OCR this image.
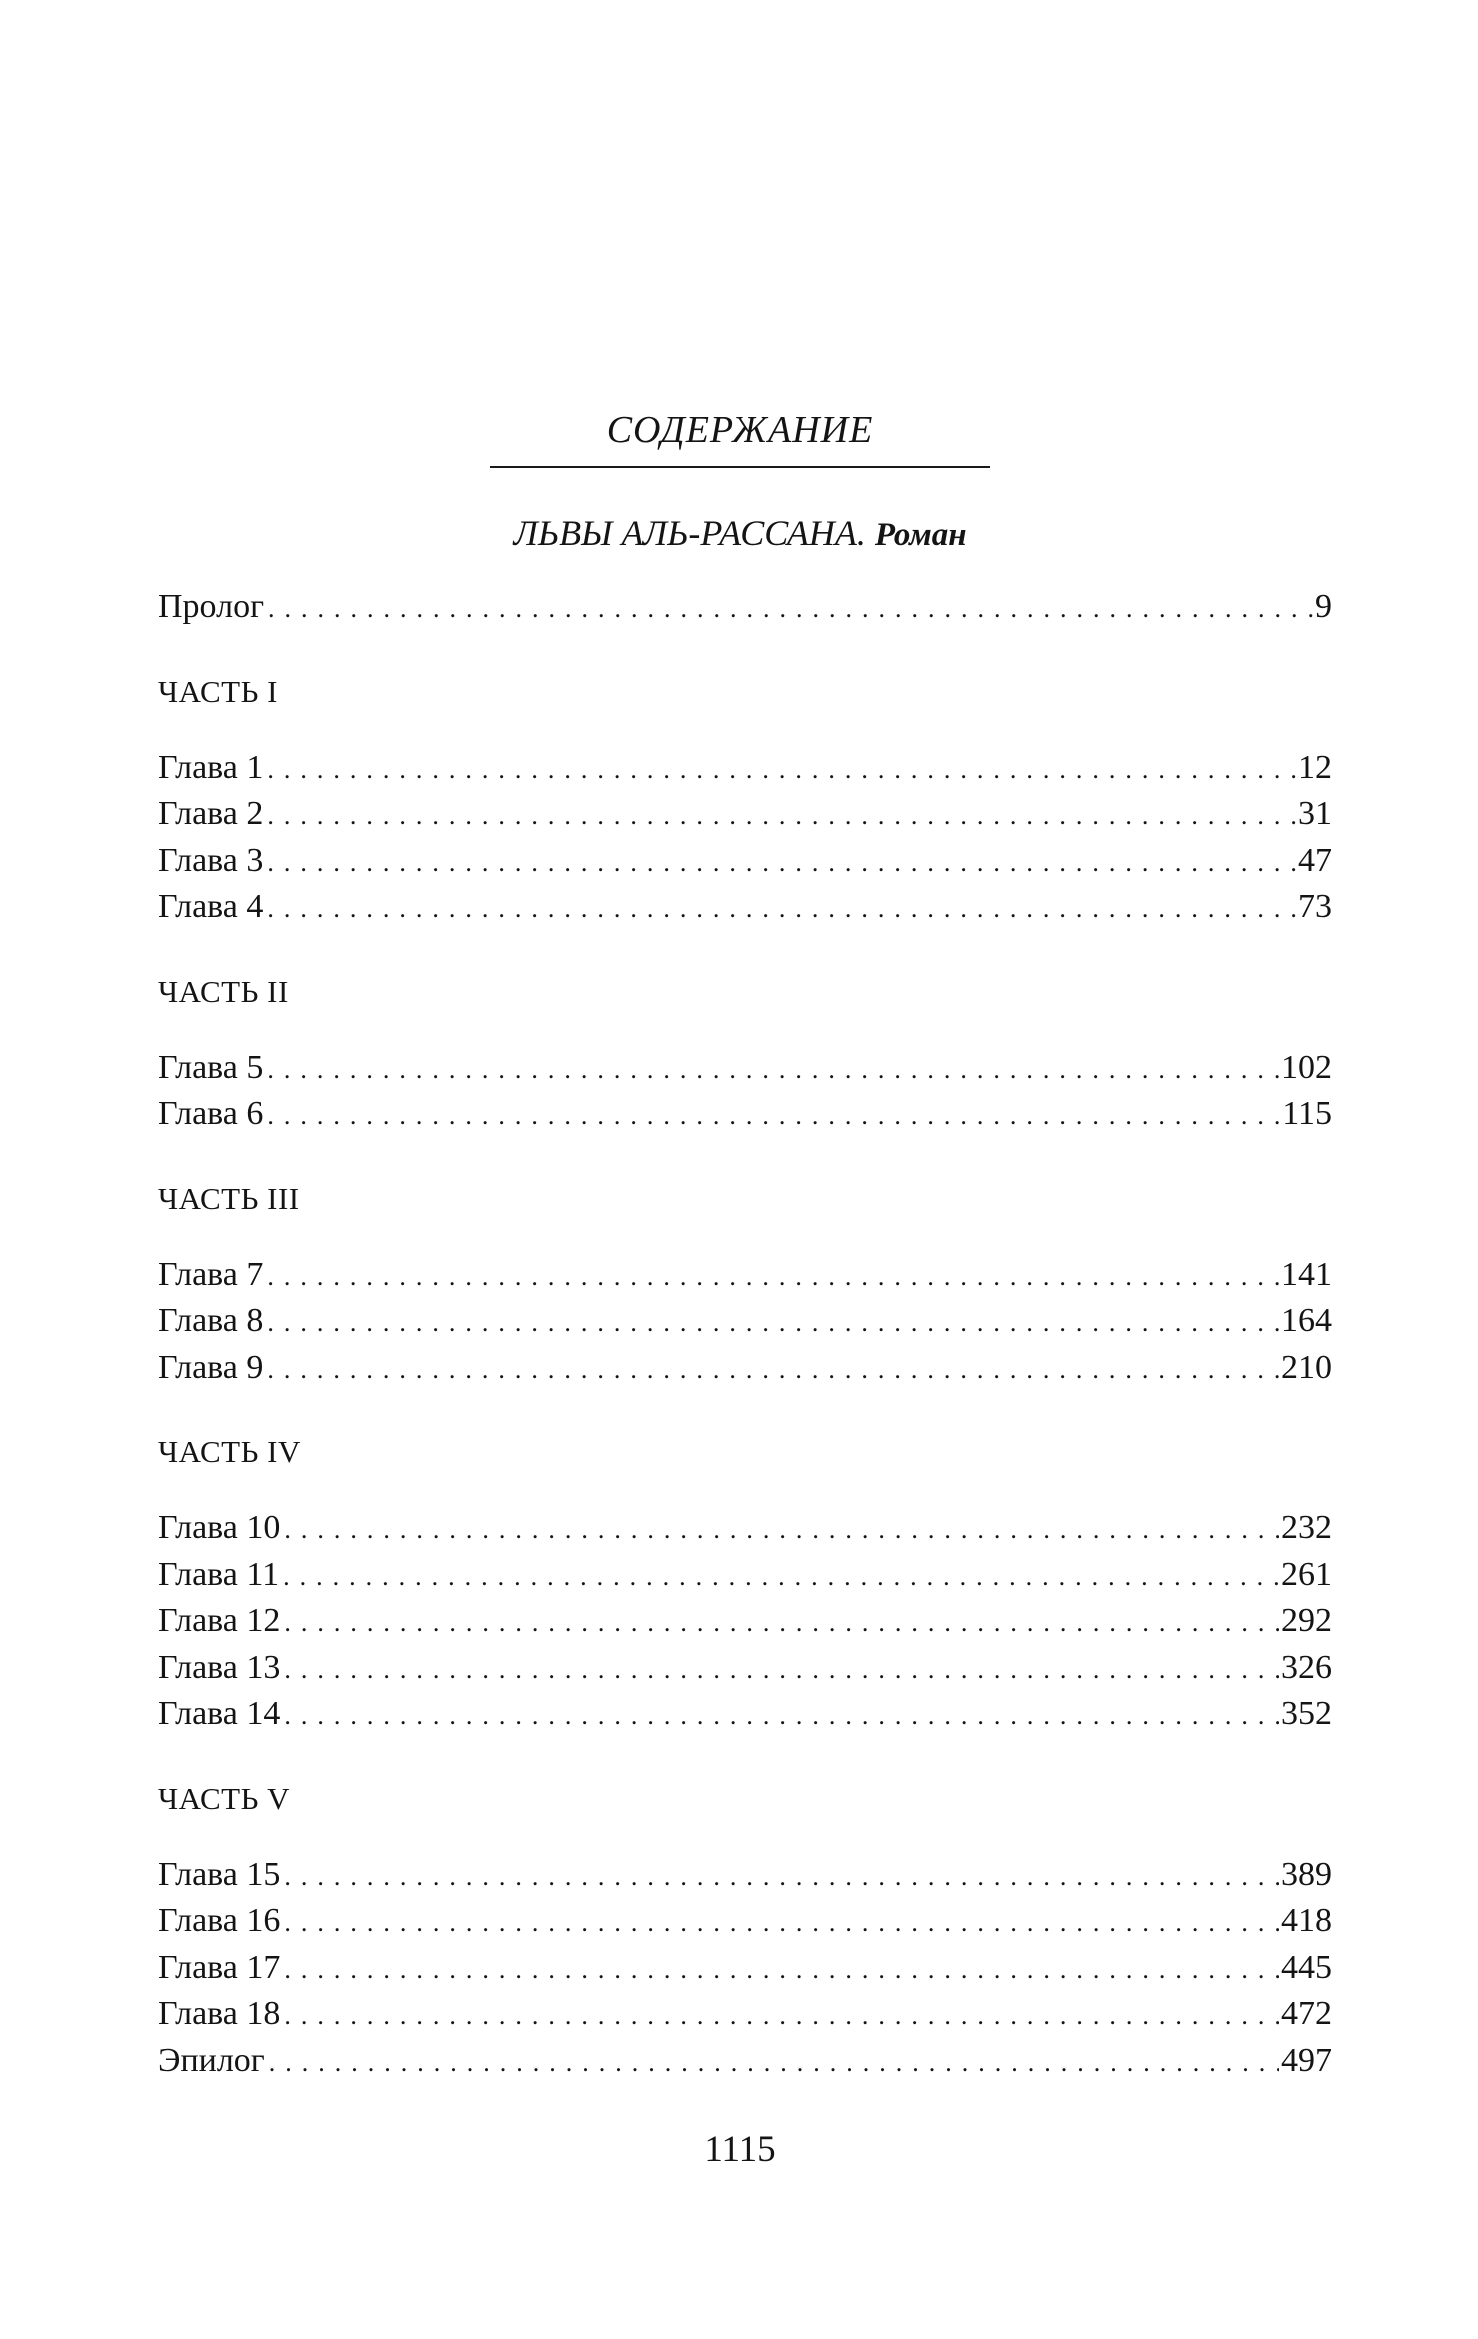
СОДЕРЖАНИЕ
ЛЬВЫ АЛЬ-РАССАНА. Роман
Пролог . . .	9
ЧАСТЬ I
Глава 1 . . .	12
Глава 2 . . .	31
Глава 3 . . .	47
Глава 4 . . .	73
ЧАСТЬ II
Глава 5 . . .	102
Глава 6 . . .	115
ЧАСТЬ III
Глава 7 . . .	141
Глава 8 . . .	164
Глава 9 . . .	210
ЧАСТЬ IV
Глава 10 . . .	232
Глава 11 . . .	261
Глава 12 . . .	292
Глава 13 . . .	326
Глава 14 . . .	352
ЧАСТЬ V
Глава 15 . . .	389
Глава 16 . . .	418
Глава 17 . . .	445
Глава 18 . . .	472
Эпилог . . .	497
1115
